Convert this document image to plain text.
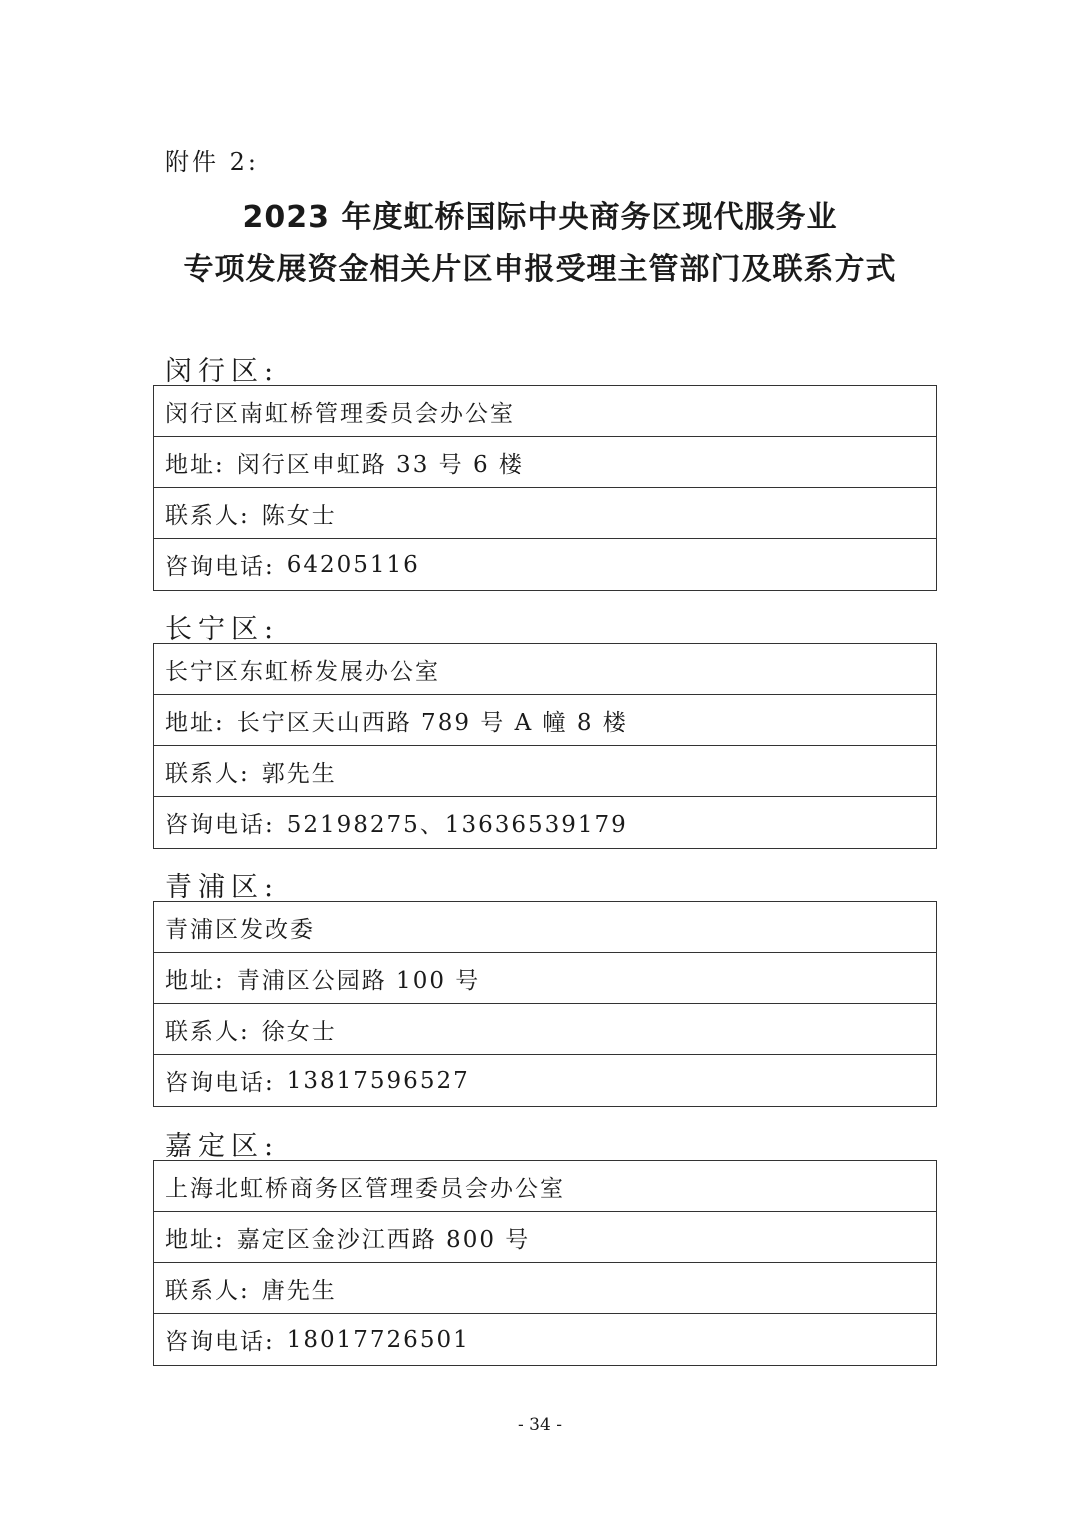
附件 2:
2023 年度虹桥国际中央商务区现代服务业
专项发展资金相关片区申报受理主管部门及联系方式
闵行区:
闵行区南虹桥管理委员会办公室
地址: 闵行区申虹路 33 号 6 楼
联系人: 陈女士
咨询电话: 64205116
长宁区:
长宁区东虹桥发展办公室
地址: 长宁区天山西路 789 号 A 幢 8 楼
联系人: 郭先生
咨询电话: 52198275、13636539179
青浦区:
青浦区发改委
地址: 青浦区公园路 100 号
联系人: 徐女士
咨询电话: 13817596527
嘉定区:
上海北虹桥商务区管理委员会办公室
地址: 嘉定区金沙江西路 800 号
联系人: 唐先生
咨询电话: 18017726501
- 34 -
